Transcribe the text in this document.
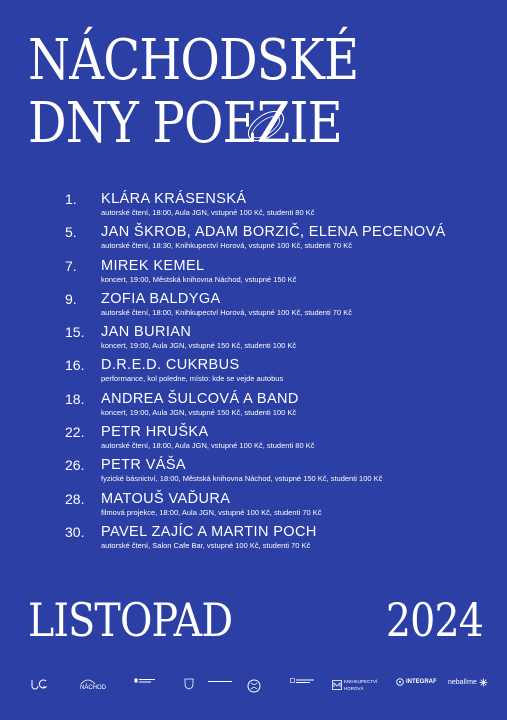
NÁCHODSKÉ
DNY POEZIE
1.	KLÁRA KRÁSENSKÁ
autorské čtení, 18:00, Aula JGN, vstupné 100 Kč, studenti 80 Kč
5.	JAN ŠKROB, ADAM BORZIČ, ELENA PECENOVÁ
autorské čtení, 18:30, Knihkupectví Horová, vstupné 100 Kč, studenti 70 Kč
7.	MIREK KEMEL
koncert, 19:00, Městská knihovna Náchod, vstupné 150 Kč
9.	ZOFIA BALDYGA
autorské čtení, 18:00, Knihkupectví Horová, vstupné 100 Kč, studenti 70 Kč
15.	JAN BURIAN
koncert, 19:00, Aula JGN, vstupné 150 Kč, studenti 100 Kč
16.	D.R.E.D. CUKRBUS
performance, kol poledne, místo: kde se vejde autobus
18.	ANDREA ŠULCOVÁ A BAND
koncert, 19:00, Aula JGN, vstupné 150 Kč, studenti 100 Kč
22.	PETR HRUŠKA
autorské čtení, 18:00, Aula JGN, vstupné 100 Kč, studenti 80 Kč
26.	PETR VÁŠA
fyzické básnictví, 18:00, Městská knihovna Náchod, vstupné 150 Kč, studenti 100 Kč
28.	MATOUŠ VAĎURA
filmová projekce, 18:00, Aula JGN, vstupné 100 Kč, studenti 70 Kč
30.	PAVEL ZAJÍC A MARTIN POCH
autorské čtení, Salon Cafe Bar, vstupné 100 Kč, studenti 70 Kč
LISTOPAD	2024
NÁCHOD
KNIHKUPECTVÍ HOROVÁ
INTEGRAF nebalíme
